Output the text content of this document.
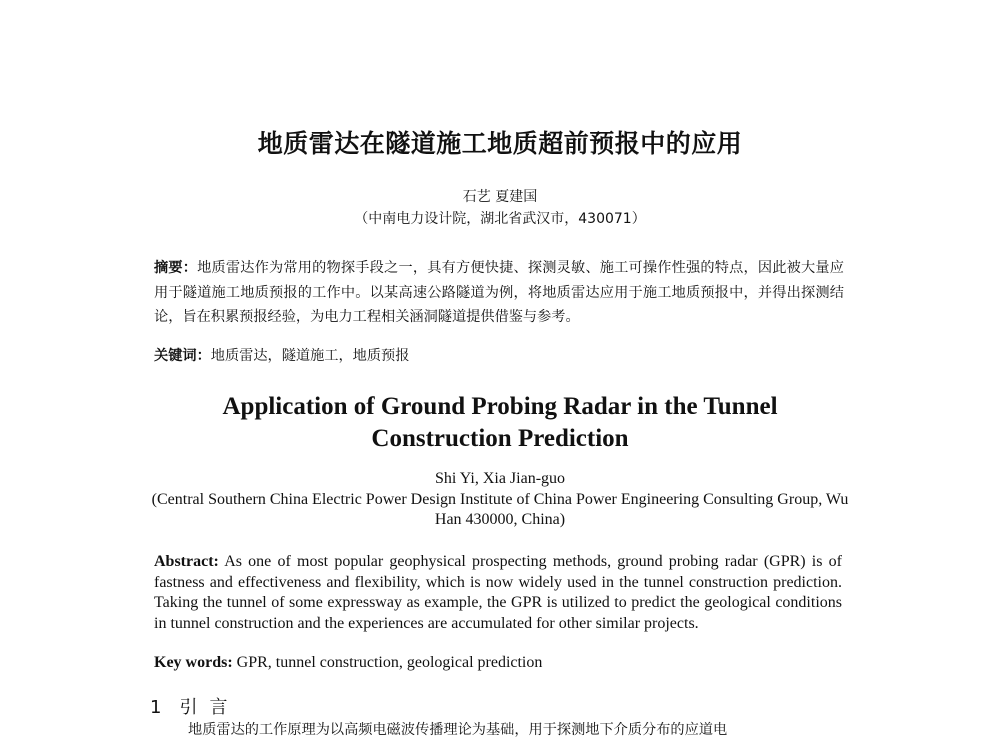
地质雷达在隧道施工地质超前预报中的应用
石艺 夏建国
（中南电力设计院，湖北省武汉市，430071）
摘要：地质雷达作为常用的物探手段之一，具有方便快捷、探测灵敏、施工可操作性强的特点，因此被大量应用于隧道施工地质预报的工作中。以某高速公路隧道为例，将地质雷达应用于施工地质预报中，并得出探测结论，旨在积累预报经验，为电力工程相关涵洞隧道提供借鉴与参考。
关键词：地质雷达，隧道施工，地质预报
Application of Ground Probing Radar in the Tunnel Construction Prediction
Shi Yi, Xia Jian-guo
(Central Southern China Electric Power Design Institute of China Power Engineering Consulting Group, Wu Han 430000, China)
Abstract: As one of most popular geophysical prospecting methods, ground probing radar (GPR) is of fastness and effectiveness and flexibility, which is now widely used in the tunnel construction prediction. Taking the tunnel of some expressway as example, the GPR is utilized to predict the geological conditions in tunnel construction and the experiences are accumulated for other similar projects.
Key words: GPR, tunnel construction, geological prediction
1 引言
地质雷达的工作原理为以高频电磁波传播理论为基础，用于探测地下介质分布的应道电
